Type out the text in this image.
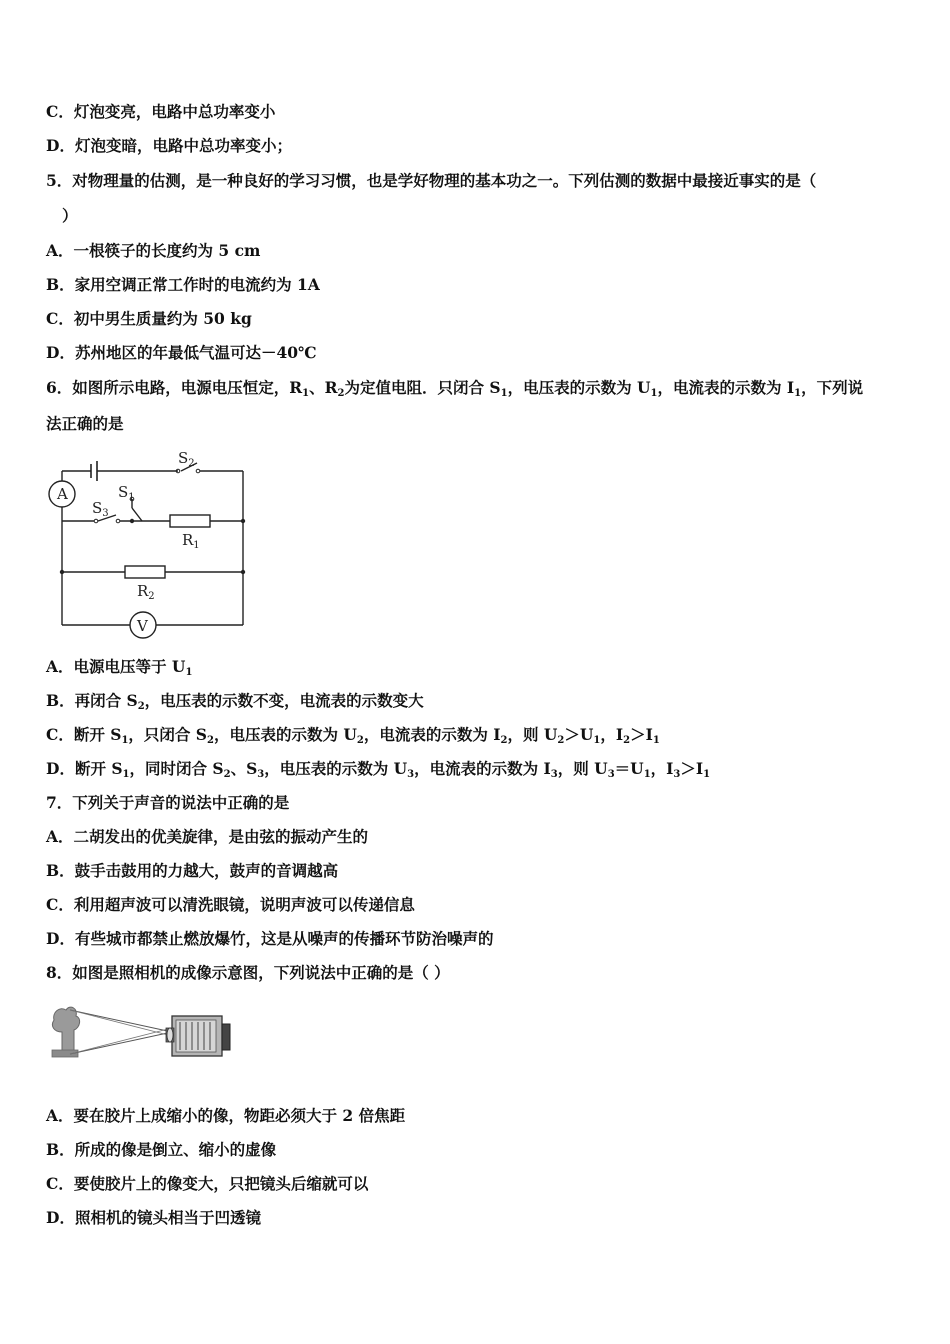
C．灯泡变亮，电路中总功率变小
D．灯泡变暗，电路中总功率变小；
5．对物理量的估测，是一种良好的学习习惯，也是学好物理的基本功之一。下列估测的数据中最接近事实的是（
）
A．一根筷子的长度约为 5 cm
B．家用空调正常工作时的电流约为 1A
C．初中男生质量约为 50 kg
D．苏州地区的年最低气温可达－40℃
6．如图所示电路，电源电压恒定，$R_1$、$R_2$为定值电阻．只闭合 $S_1$，电压表的示数为 $U_1$，电流表的示数为 $I_1$，下列说
法正确的是
A
V
$S_2$
$S_1$
$S_3$
$R_1$
$R_2$
A．电源电压等于 $U_1$
B．再闭合 $S_2$，电压表的示数不变，电流表的示数变大
C．断开 $S_1$，只闭合 $S_2$，电压表的示数为 $U_2$，电流表的示数为 $I_2$，则 $U_2>U_1$，$I_2>I_1$
D．断开 $S_1$，同时闭合 $S_2$、$S_3$，电压表的示数为 $U_3$，电流表的示数为 $I_3$，则 $U_3=U_1$，$I_3>I_1$
7．下列关于声音的说法中正确的是
A．二胡发出的优美旋律，是由弦的振动产生的
B．鼓手击鼓用的力越大，鼓声的音调越高
C．利用超声波可以清洗眼镜，说明声波可以传递信息
D．有些城市都禁止燃放爆竹，这是从噪声的传播环节防治噪声的
8．如图是照相机的成像示意图，下列说法中正确的是（ ）
A．要在胶片上成缩小的像，物距必须大于 2 倍焦距
B．所成的像是倒立、缩小的虚像
C．要使胶片上的像变大，只把镜头后缩就可以
D．照相机的镜头相当于凹透镜
